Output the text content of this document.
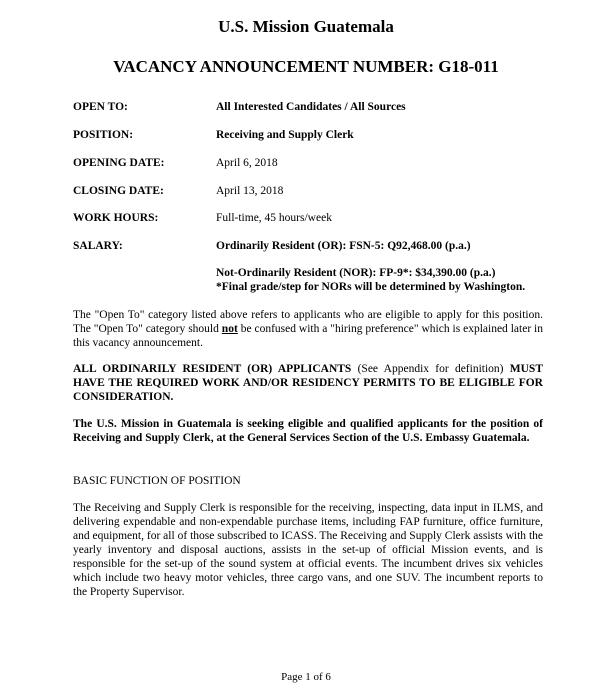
U.S. Mission Guatemala
VACANCY ANNOUNCEMENT NUMBER: G18-011
OPEN TO:	All Interested Candidates / All Sources
POSITION:	Receiving and Supply Clerk
OPENING DATE:	April 6, 2018
CLOSING DATE:	April 13, 2018
WORK HOURS:	Full-time, 45 hours/week
SALARY:	Ordinarily Resident (OR): FSN-5: Q92,468.00 (p.a.)
Not-Ordinarily Resident (NOR): FP-9*: $34,390.00 (p.a.)
*Final grade/step for NORs will be determined by Washington.
The "Open To" category listed above refers to applicants who are eligible to apply for this position. The "Open To" category should not be confused with a "hiring preference" which is explained later in this vacancy announcement.
ALL ORDINARILY RESIDENT (OR) APPLICANTS (See Appendix for definition) MUST HAVE THE REQUIRED WORK AND/OR RESIDENCY PERMITS TO BE ELIGIBLE FOR CONSIDERATION.
The U.S. Mission in Guatemala is seeking eligible and qualified applicants for the position of Receiving and Supply Clerk, at the General Services Section of the U.S. Embassy Guatemala.
BASIC FUNCTION OF POSITION
The Receiving and Supply Clerk is responsible for the receiving, inspecting, data input in ILMS, and delivering expendable and non-expendable purchase items, including FAP furniture, office furniture, and equipment, for all of those subscribed to ICASS. The Receiving and Supply Clerk assists with the yearly inventory and disposal auctions, assists in the set-up of official Mission events, and is responsible for the set-up of the sound system at official events. The incumbent drives six vehicles which include two heavy motor vehicles, three cargo vans, and one SUV. The incumbent reports to the Property Supervisor.
Page 1 of 6
